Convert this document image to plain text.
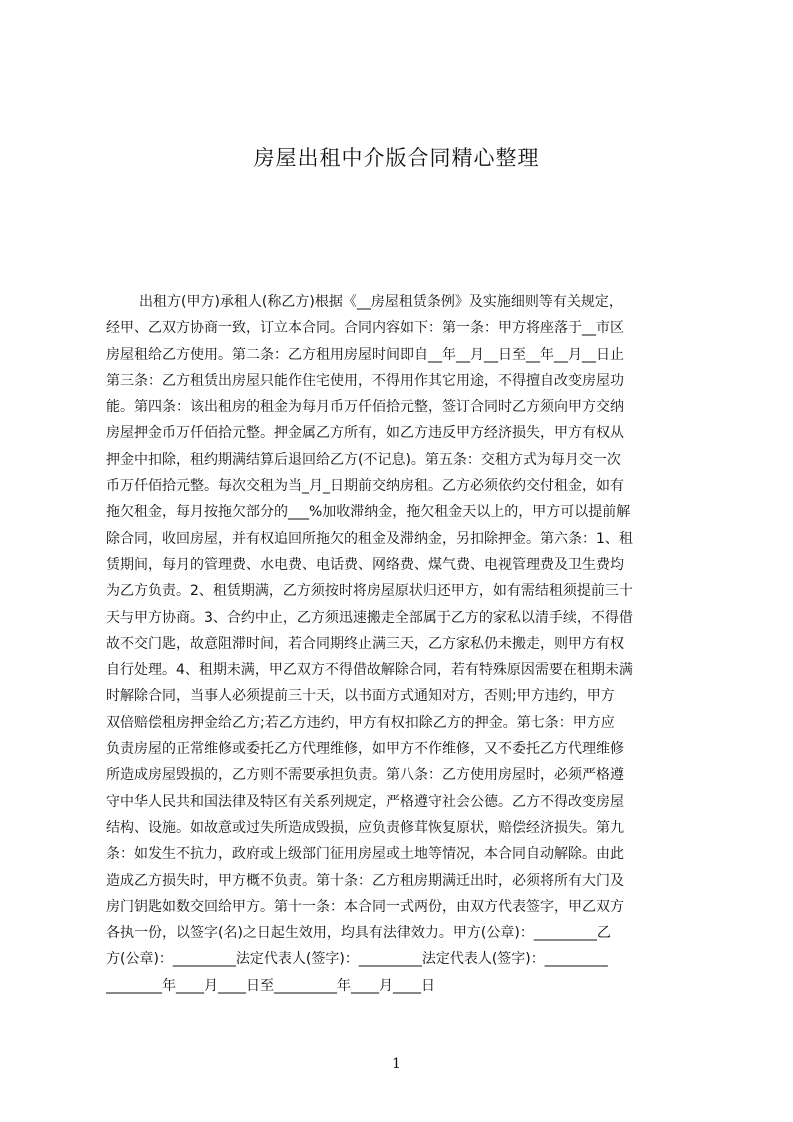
房屋出租中介版合同精心整理
出租方(甲方)承租人(称乙方)根据《__房屋租赁条例》及实施细则等有关规定，
经甲、乙双方协商一致，订立本合同。合同内容如下：第一条：甲方将座落于__市区
房屋租给乙方使用。第二条：乙方租用房屋时间即自__年__月__日至__年__月__日止
第三条：乙方租赁出房屋只能作住宅使用，不得用作其它用途，不得擅自改变房屋功
能。第四条：该出租房的租金为每月币万仟佰拾元整，签订合同时乙方须向甲方交纳
房屋押金币万仟佰拾元整。押金属乙方所有，如乙方违反甲方经济损失，甲方有权从
押金中扣除，租约期满结算后退回给乙方(不记息)。第五条：交租方式为每月交一次
币万仟佰拾元整。每次交租为当_月_日期前交纳房租。乙方必须依约交付租金，如有
拖欠租金，每月按拖欠部分的___%加收滞纳金，拖欠租金天以上的，甲方可以提前解
除合同，收回房屋，并有权追回所拖欠的租金及滞纳金，另扣除押金。第六条：1、租
赁期间，每月的管理费、水电费、电话费、网络费、煤气费、电视管理费及卫生费均
为乙方负责。2、租赁期满，乙方须按时将房屋原状归还甲方，如有需结租须提前三十
天与甲方协商。3、合约中止，乙方须迅速搬走全部属于乙方的家私以清手续，不得借
故不交门匙，故意阻滞时间，若合同期终止满三天，乙方家私仍未搬走，则甲方有权
自行处理。4、租期未满，甲乙双方不得借故解除合同，若有特殊原因需要在租期未满
时解除合同，当事人必须提前三十天，以书面方式通知对方，否则;甲方违约，甲方
双倍赔偿租房押金给乙方;若乙方违约，甲方有权扣除乙方的押金。第七条：甲方应
负责房屋的正常维修或委托乙方代理维修，如甲方不作维修，又不委托乙方代理维修
所造成房屋毁损的，乙方则不需要承担负责。第八条：乙方使用房屋时，必须严格遵
守中华人民共和国法律及特区有关系列规定，严格遵守社会公德。乙方不得改变房屋
结构、设施。如故意或过失所造成毁损，应负责修茸恢复原状，赔偿经济损失。第九
条：如发生不抗力，政府或上级部门征用房屋或土地等情况，本合同自动解除。由此
造成乙方损失时，甲方概不负责。第十条：乙方租房期满迁出时，必须将所有大门及
房门钥匙如数交回给甲方。第十一条：本合同一式两份，由双方代表签字，甲乙双方
各执一份，以签字(名)之日起生效用，均具有法律效力。甲方(公章)：_________乙
方(公章)：_________法定代表人(签字)：_________法定代表人(签字)：_________
________年____月____日至_________年____月____日
1
